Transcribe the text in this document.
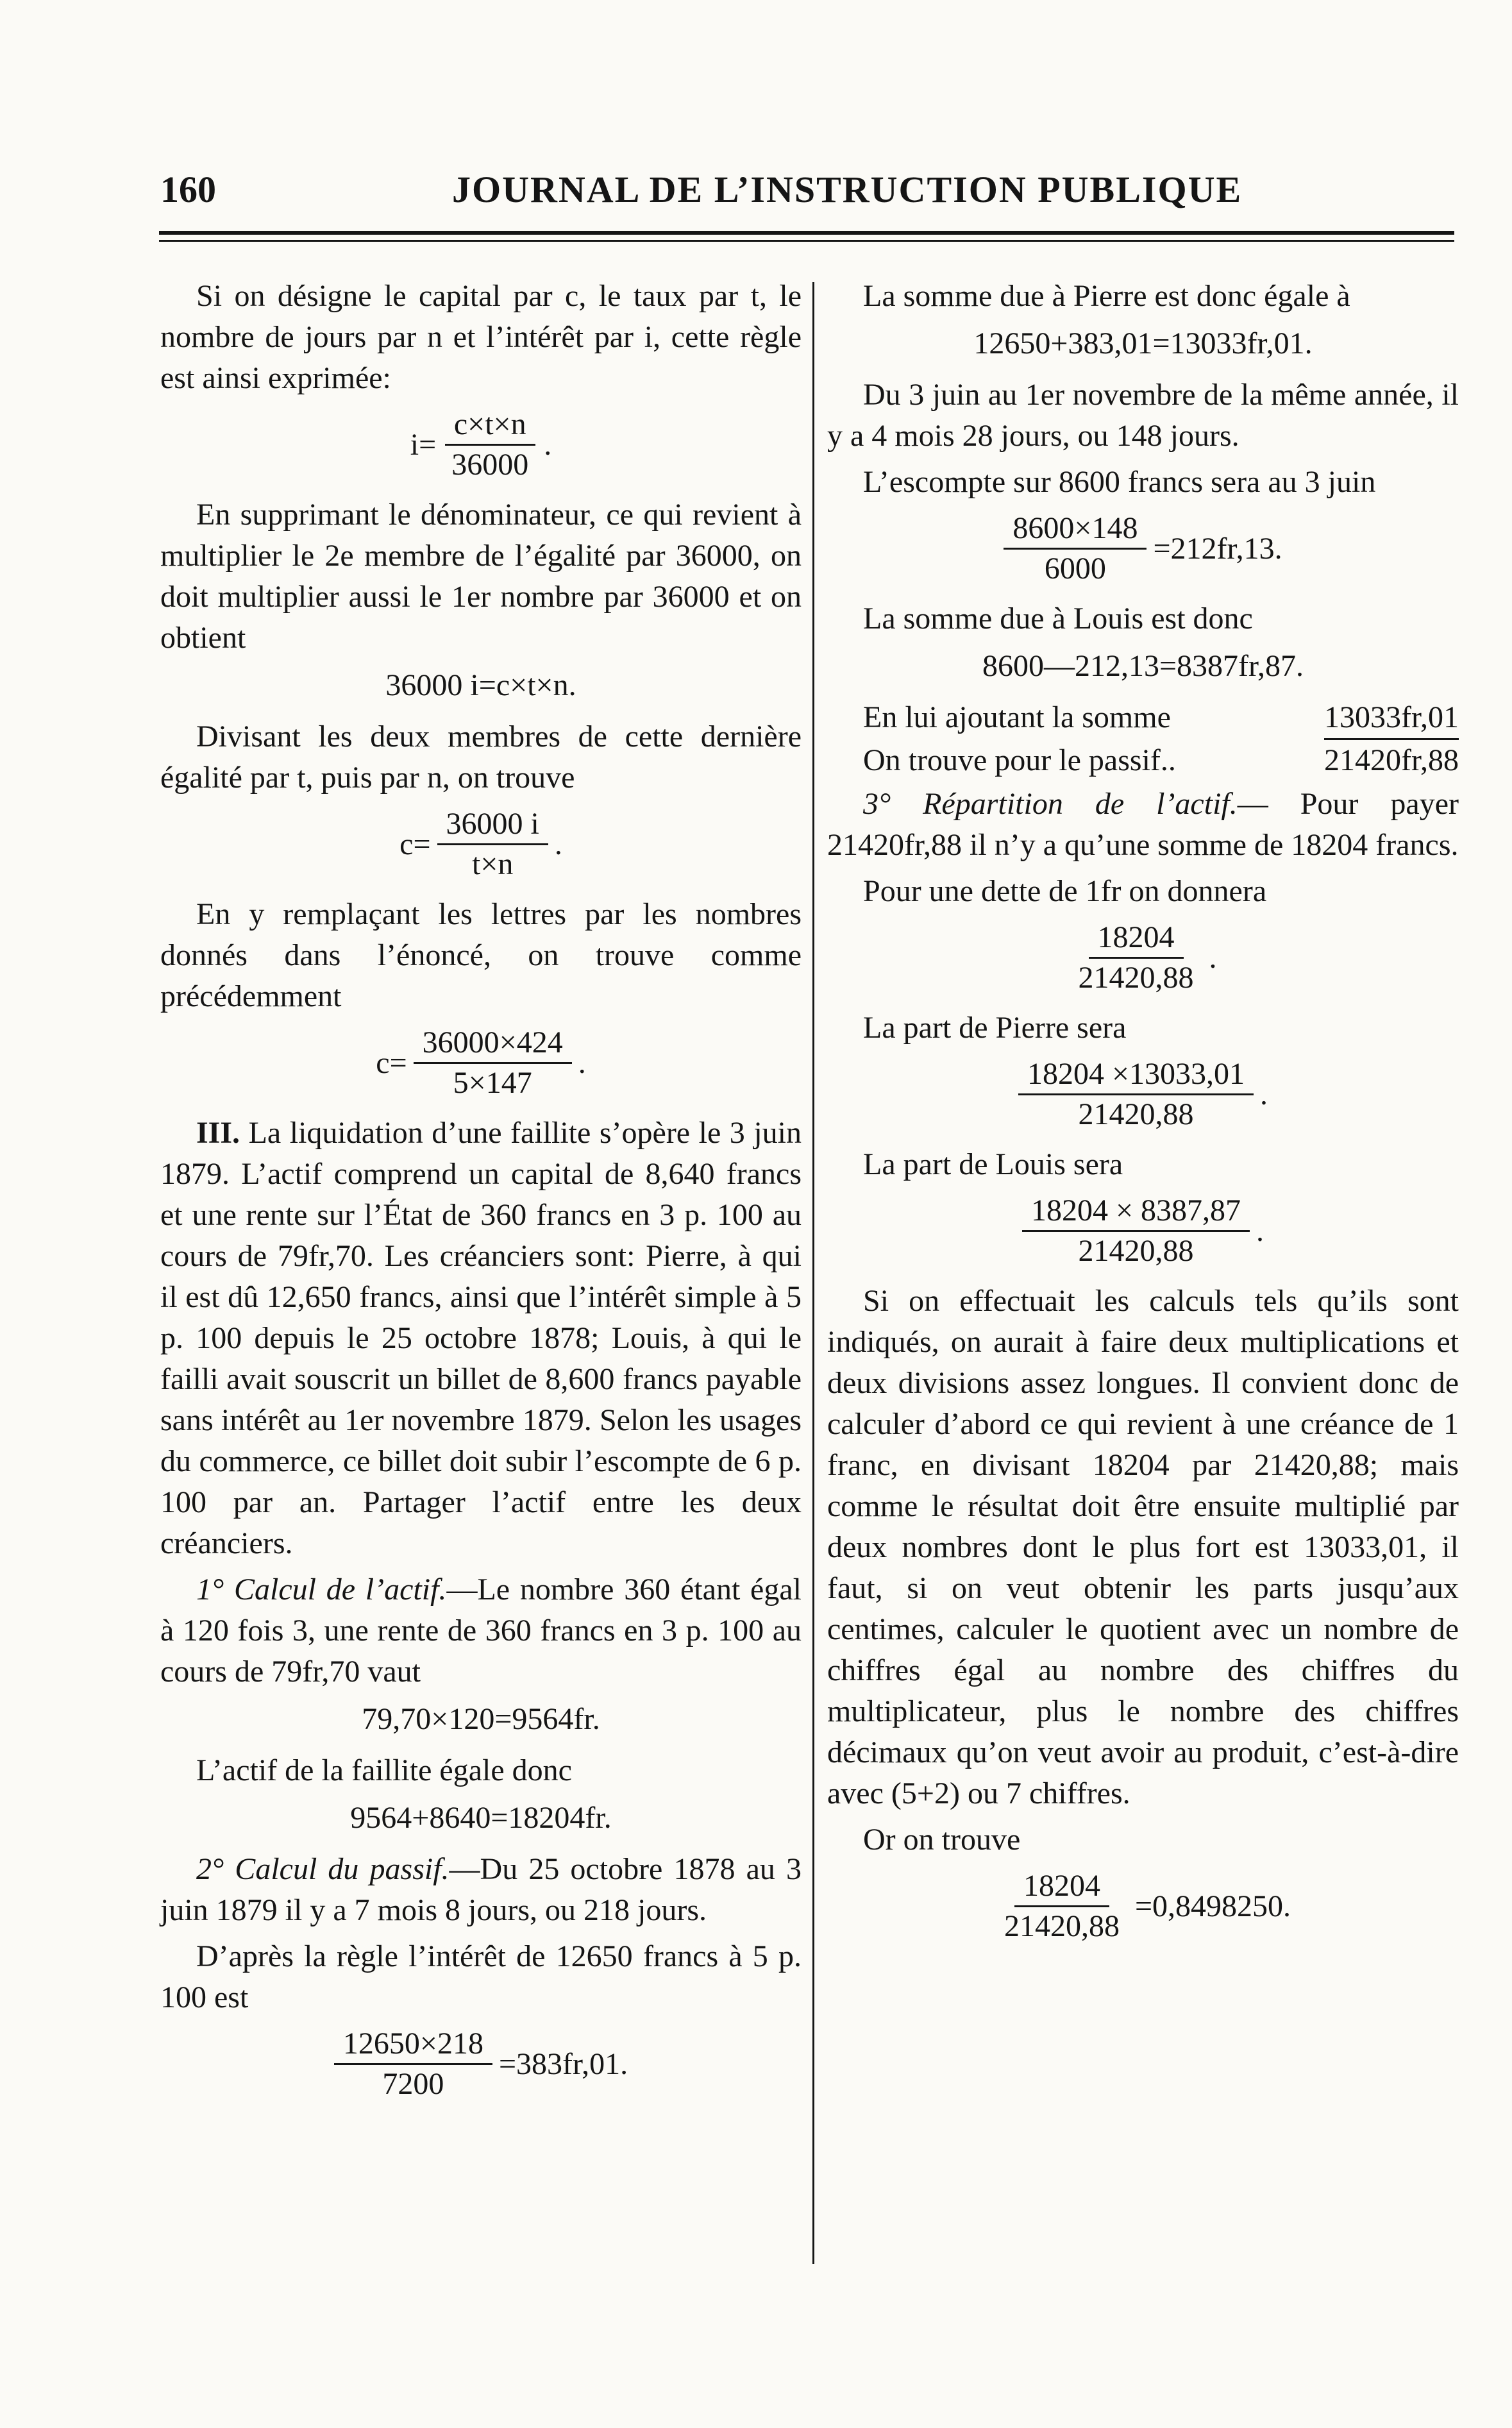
160	JOURNAL DE L’INSTRUCTION PUBLIQUE

Si on désigne le capital par c, le taux par t, le nombre de jours par n et l’intérêt par i, cette règle est ainsi exprimée:

$i= \frac{c\times t\times n}{36000}$ .

En supprimant le dénominateur, ce qui revient à multiplier le 2e membre de l’égalité par 36000, on doit multiplier aussi le 1er nombre par 36000 et on obtient

36000 i=c×t×n.

Divisant les deux membres de cette dernière égalité par t, puis par n, on trouve

$c= \frac{36000 i}{t\times n}$ .

En y remplaçant les lettres par les nombres donnés dans l’énoncé, on trouve comme précédemment

$c= \frac{36000\times 424}{5\times 147}$ .

III. La liquidation d’une faillite s’opère le 3 juin 1879. L’actif comprend un capital de 8,640 francs et une rente sur l’État de 360 francs en 3 p. 100 au cours de 79fr,70. Les créanciers sont: Pierre, à qui il est dû 12,650 francs, ainsi que l’intérêt simple à 5 p. 100 depuis le 25 octobre 1878; Louis, à qui le failli avait souscrit un billet de 8,600 francs payable sans intérêt au 1er novembre 1879. Selon les usages du commerce, ce billet doit subir l’escompte de 6 p. 100 par an. Partager l’actif entre les deux créanciers.

1° Calcul de l’actif.—Le nombre 360 étant égal à 120 fois 3, une rente de 360 francs en 3 p. 100 au cours de 79fr,70 vaut

79,70×120=9564fr.

L’actif de la faillite égale donc

9564+8640=18204fr.

2° Calcul du passif.—Du 25 octobre 1878 au 3 juin 1879 il y a 7 mois 8 jours, ou 218 jours.

D’après la règle l’intérêt de 12650 francs à 5 p. 100 est

$\frac{12650\times 218}{7200} =383fr,01$.

La somme due à Pierre est donc égale à

12650+383,01=13033fr,01.

Du 3 juin au 1er novembre de la même année, il y a 4 mois 28 jours, ou 148 jours.

L’escompte sur 8600 francs sera au 3 juin

$\frac{8600\times 148}{6000} =212fr,13$.

La somme due à Louis est donc

8600—212,13=8387fr,87.
En lui ajoutant la somme	13033fr,01
On trouve pour le passif..	21420fr,88

3° Répartition de l’actif.— Pour payer 21420fr,88 il n’y a qu’une somme de 18204 francs.

Pour une dette de 1fr on donnera

$\frac{18204}{21420,88}$ .

La part de Pierre sera

$\frac{18204 \times 13033,01}{21420,88}$ .

La part de Louis sera

$\frac{18204 \times 8387,87}{21420,88}$ .

Si on effectuait les calculs tels qu’ils sont indiqués, on aurait à faire deux multiplications et deux divisions assez longues. Il convient donc de calculer d’abord ce qui revient à une créance de 1 franc, en divisant 18204 par 21420,88; mais comme le résultat doit être ensuite multiplié par deux nombres dont le plus fort est 13033,01, il faut, si on veut obtenir les parts jusqu’aux centimes, calculer le quotient avec un nombre de chiffres égal au nombre des chiffres du multiplicateur, plus le nombre des chiffres décimaux qu’on veut avoir au produit, c’est-à-dire avec (5+2) ou 7 chiffres.

Or on trouve

$\frac{18204}{21420,88} =0,8498250$.
